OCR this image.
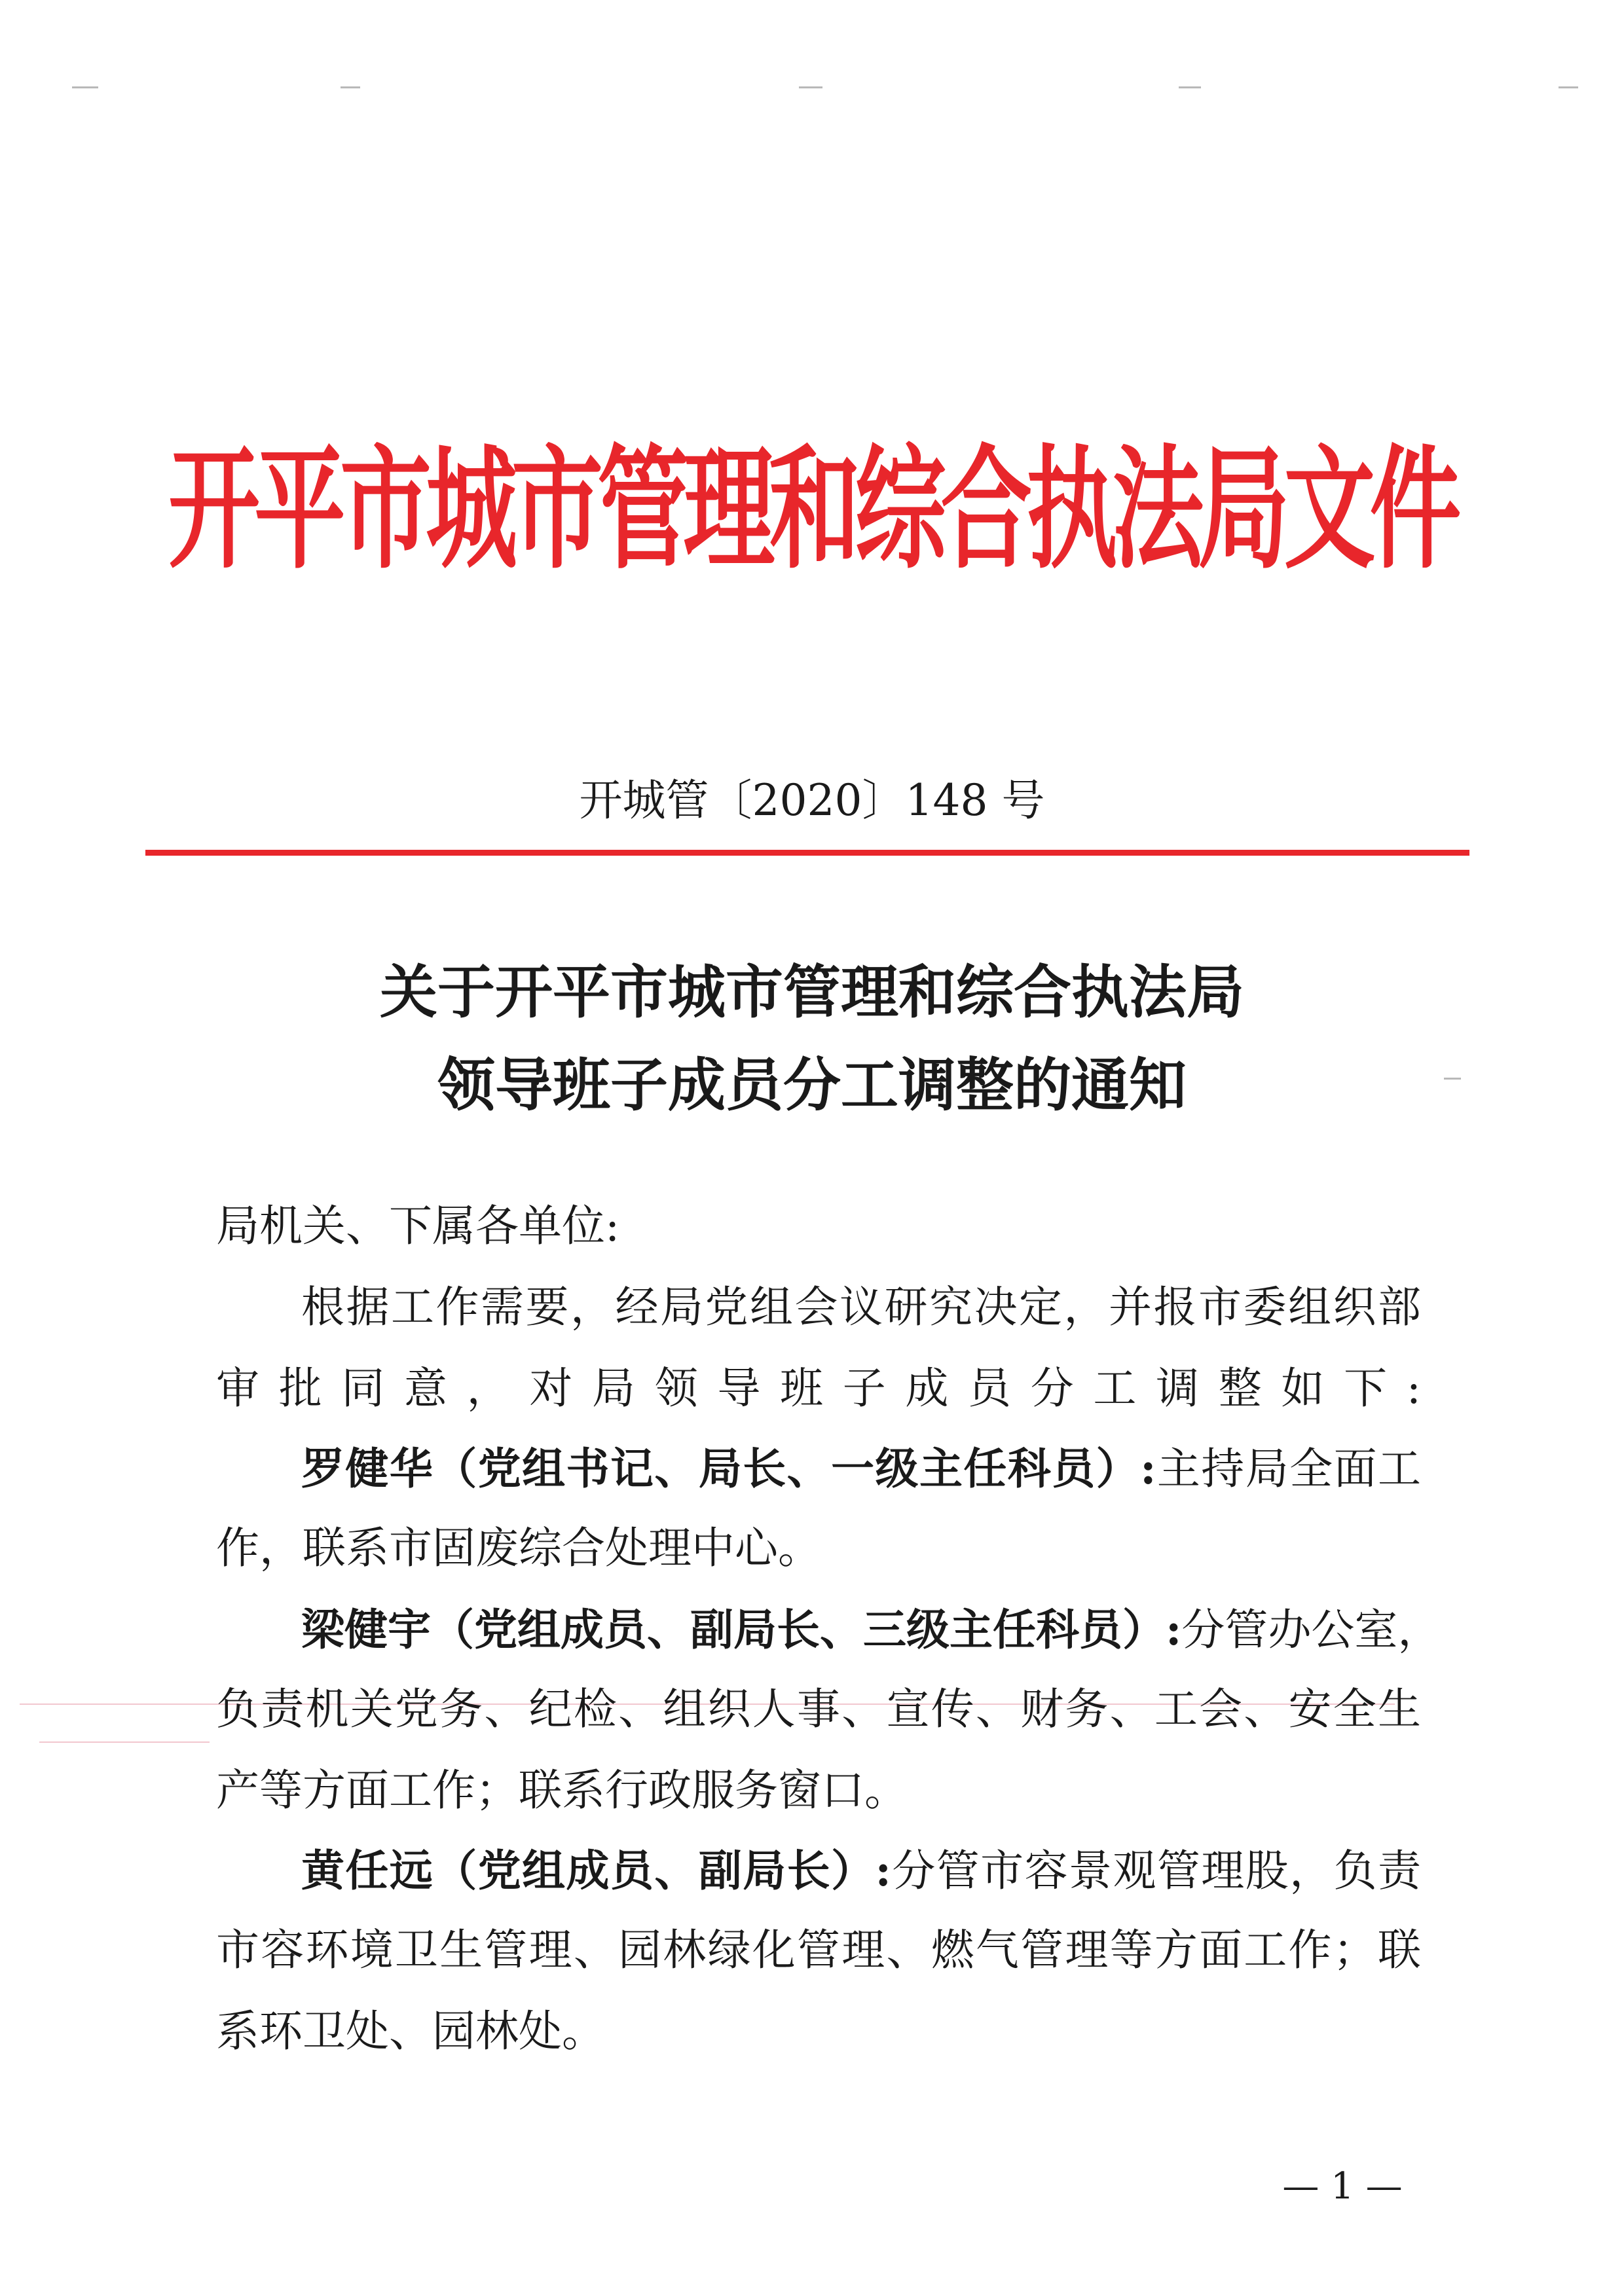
开平市城市管理和综合执法局文件
开城管〔2020〕148 号
关于开平市城市管理和综合执法局
领导班子成员分工调整的通知
局机关、下属各单位:
根据工作需要，经局党组会议研究决定，并报市委组织部
审批同意，对局领导班子成员分工调整如下:
罗健华（党组书记、局长、一级主任科员）:主持局全面工
作，联系市固废综合处理中心。
梁健宇（党组成员、副局长、三级主任科员）:分管办公室，
负责机关党务、纪检、组织人事、宣传、财务、工会、安全生
产等方面工作；联系行政服务窗口。
黄任远（党组成员、副局长）:分管市容景观管理股，负责
市容环境卫生管理、园林绿化管理、燃气管理等方面工作；联
系环卫处、园林处。
— 1 —
